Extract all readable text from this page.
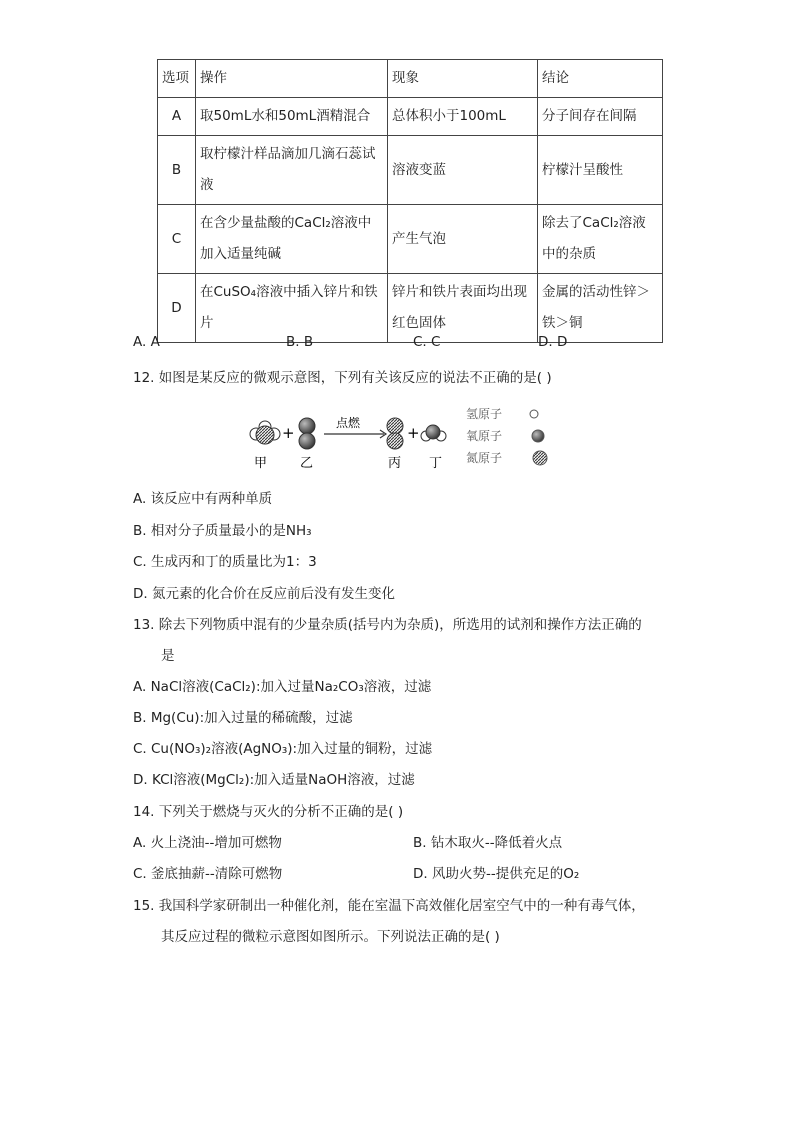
选项	操作	现象	结论
A	取50mL水和50mL酒精混合	总体积小于100mL	分子间存在间隔
B	取柠檬汁样品滴加几滴石蕊试液	溶液变蓝	柠檬汁呈酸性
C	在含少量盐酸的CaCl₂溶液中加入适量纯碱	产生气泡	除去了CaCl₂溶液中的杂质
D	在CuSO₄溶液中插入锌片和铁片	锌片和铁片表面均出现红色固体	金属的活动性锌＞铁＞铜
A. A	B. B	C. C	D. D
12. 如图是某反应的微观示意图，下列有关该反应的说法不正确的是( )
+
点燃
+
甲	乙	丙 丁
氢原子
氧原子
氮原子
A. 该反应中有两种单质
B. 相对分子质量最小的是NH₃
C. 生成丙和丁的质量比为1：3
D. 氮元素的化合价在反应前后没有发生变化
13. 除去下列物质中混有的少量杂质(括号内为杂质)，所选用的试剂和操作方法正确的
是
A. NaCl溶液(CaCl₂):加入过量Na₂CO₃溶液，过滤
B. Mg(Cu):加入过量的稀硫酸，过滤
C. Cu(NO₃)₂溶液(AgNO₃):加入过量的铜粉，过滤
D. KCl溶液(MgCl₂):加入适量NaOH溶液，过滤
14. 下列关于燃烧与灭火的分析不正确的是( )
A. 火上浇油--增加可燃物	B. 钻木取火--降低着火点
C. 釜底抽薪--清除可燃物	D. 风助火势--提供充足的O₂
15. 我国科学家研制出一种催化剂，能在室温下高效催化居室空气中的一种有毒气体，
其反应过程的微粒示意图如图所示。下列说法正确的是( )
